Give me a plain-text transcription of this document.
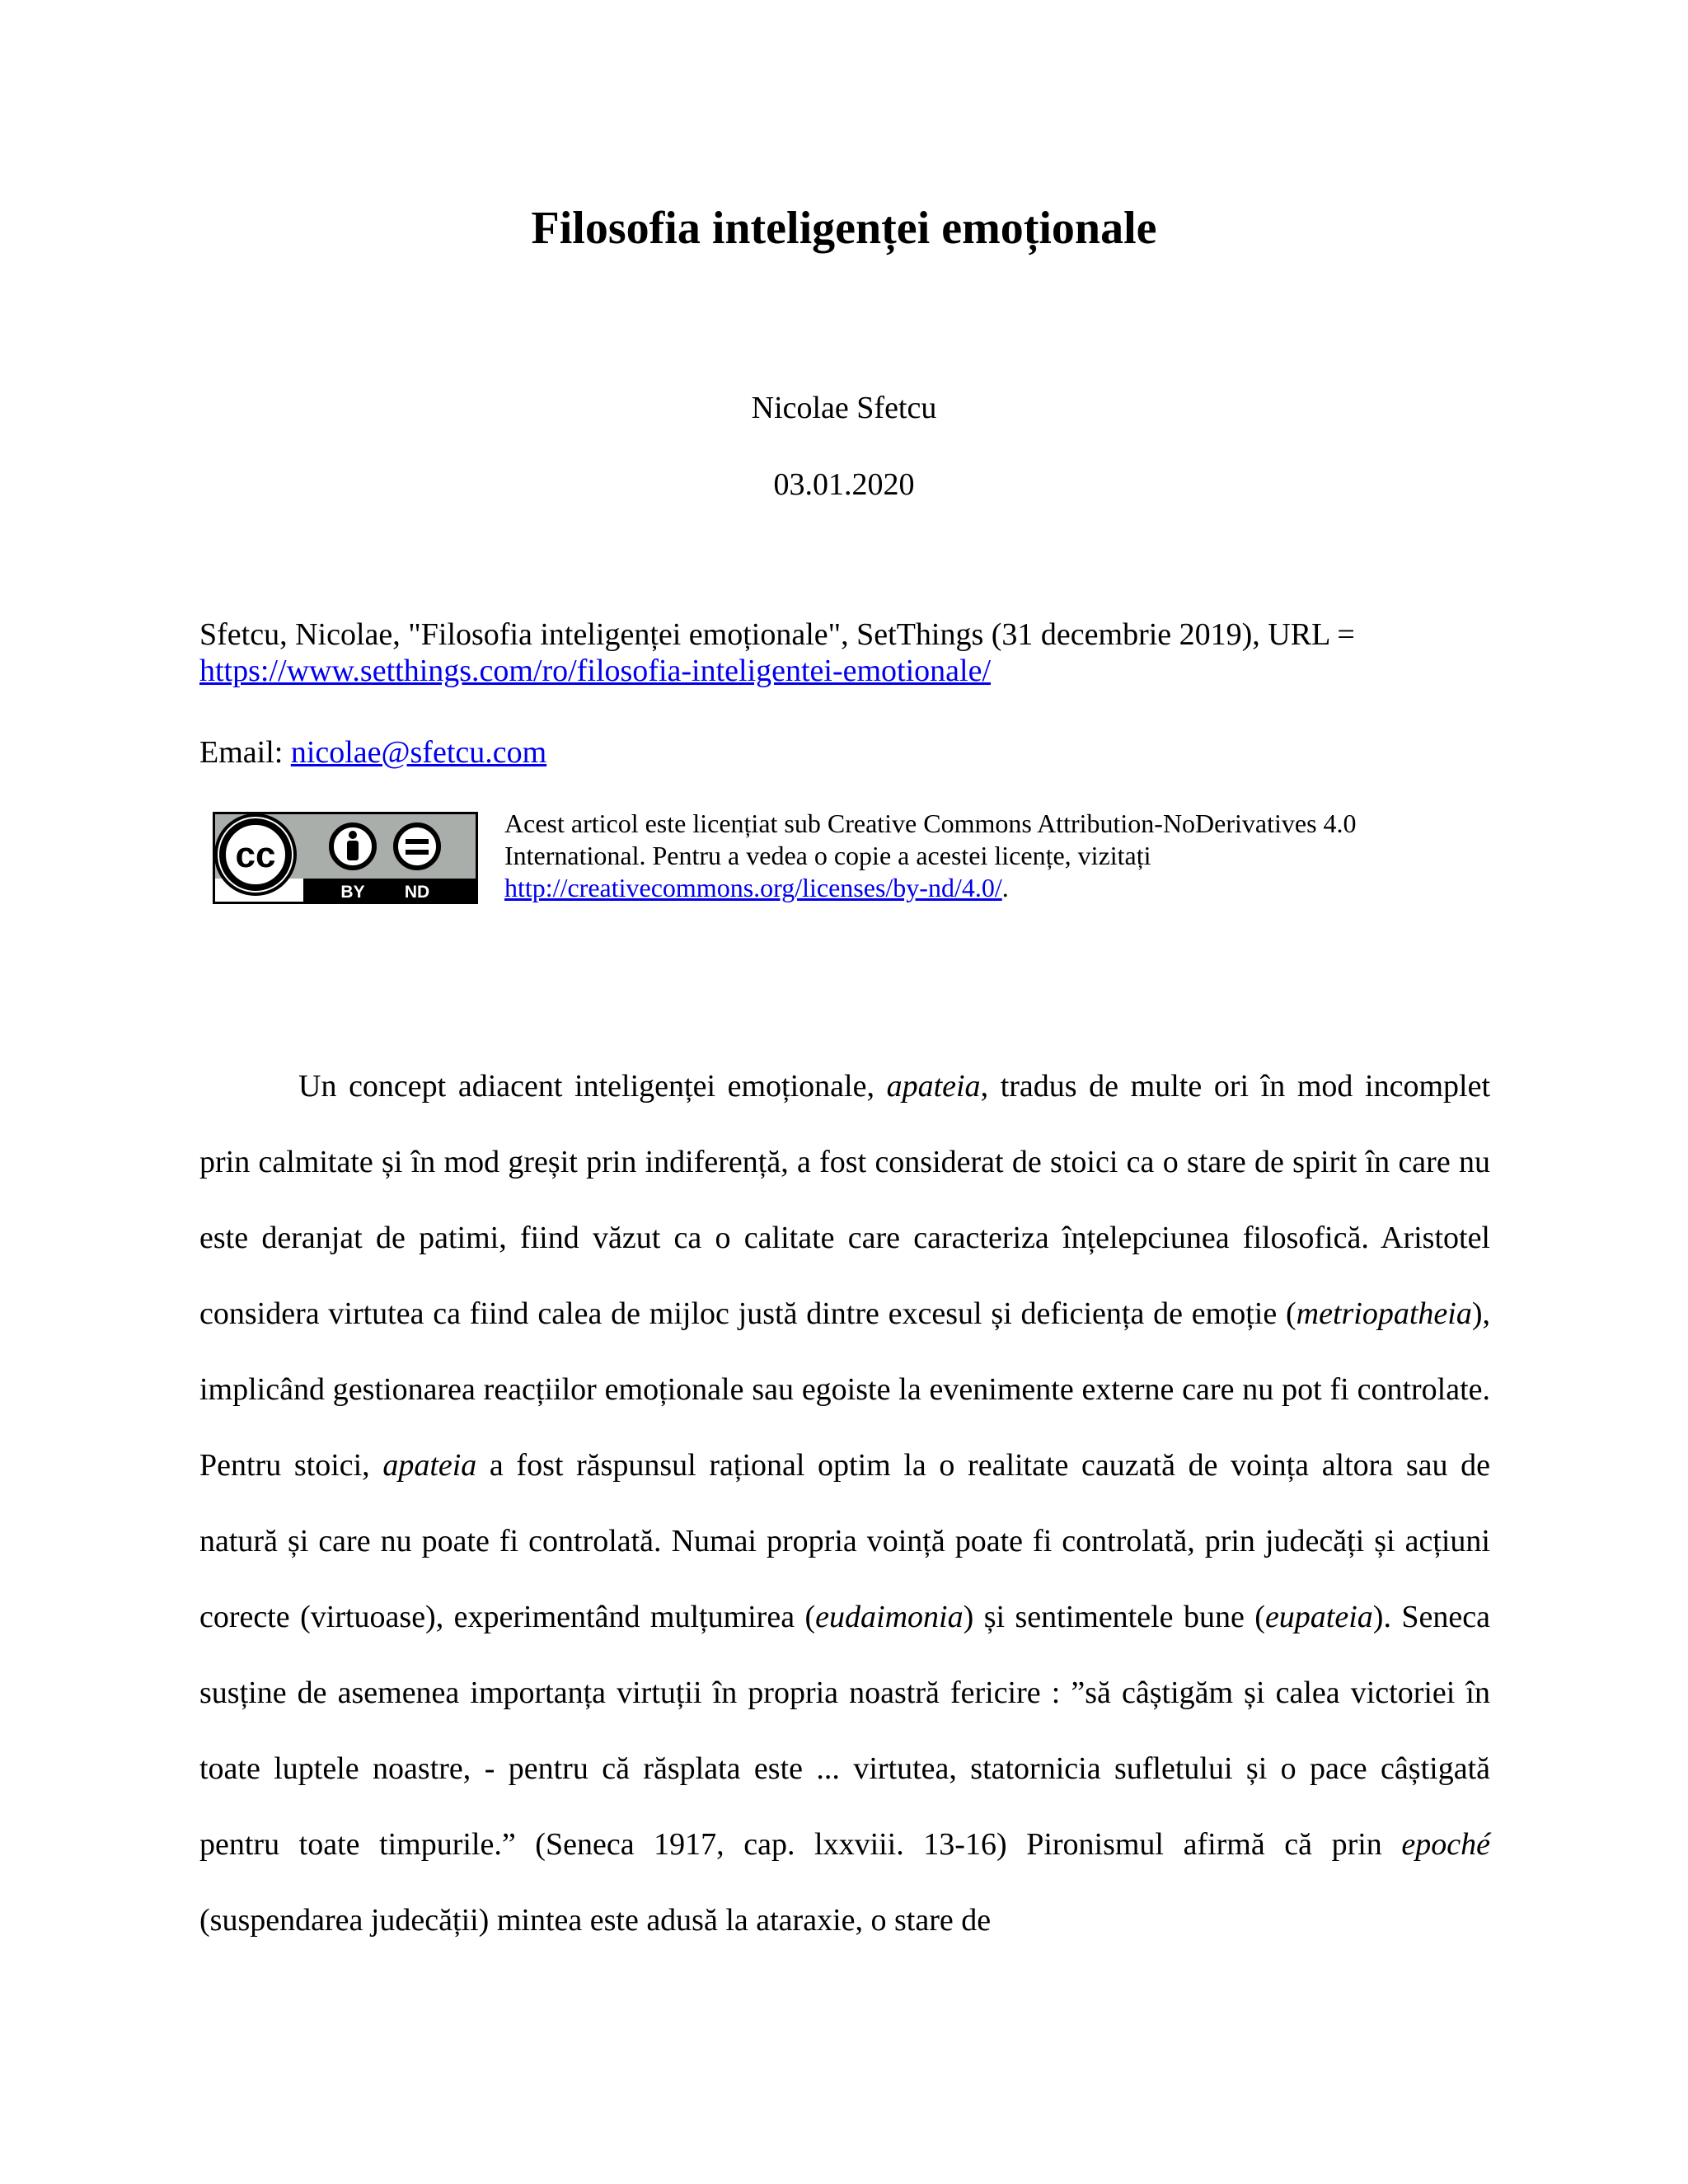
Filosofia inteligenței emoționale
Nicolae Sfetcu
03.01.2020
Sfetcu, Nicolae, "Filosofia inteligenței emoționale", SetThings (31 decembrie 2019), URL =
https://www.setthings.com/ro/filosofia-inteligentei-emotionale/
Email: nicolae@sfetcu.com
cc
BY ND
Acest articol este licențiat sub Creative Commons Attribution-NoDerivatives 4.0 International. Pentru a vedea o copie a acestei licențe, vizitați http://creativecommons.org/licenses/by-nd/4.0/.

Un concept adiacent inteligenței emoționale, apateia, tradus de multe ori în mod incomplet prin calmitate și în mod greșit prin indiferență, a fost considerat de stoici ca o stare de spirit în care nu este deranjat de patimi, fiind văzut ca o calitate care caracteriza înțelepciunea filosofică. Aristotel considera virtutea ca fiind calea de mijloc justă dintre excesul și deficiența de emoție (metriopatheia), implicând gestionarea reacțiilor emoționale sau egoiste la evenimente externe care nu pot fi controlate. Pentru stoici, apateia a fost răspunsul rațional optim la o realitate cauzată de voința altora sau de natură și care nu poate fi controlată. Numai propria voință poate fi controlată, prin judecăți și acțiuni corecte (virtuoase), experimentând mulțumirea (eudaimonia) și sentimentele bune (eupateia). Seneca susține de asemenea importanța virtuții în propria noastră fericire : ”să câștigăm și calea victoriei în toate luptele noastre, - pentru că răsplata este ... virtutea, statornicia sufletului și o pace câștigată pentru toate timpurile.” (Seneca 1917, cap. lxxviii. 13-16) Pironismul afirmă că prin epoché (suspendarea judecății) mintea este adusă la ataraxie, o stare de
